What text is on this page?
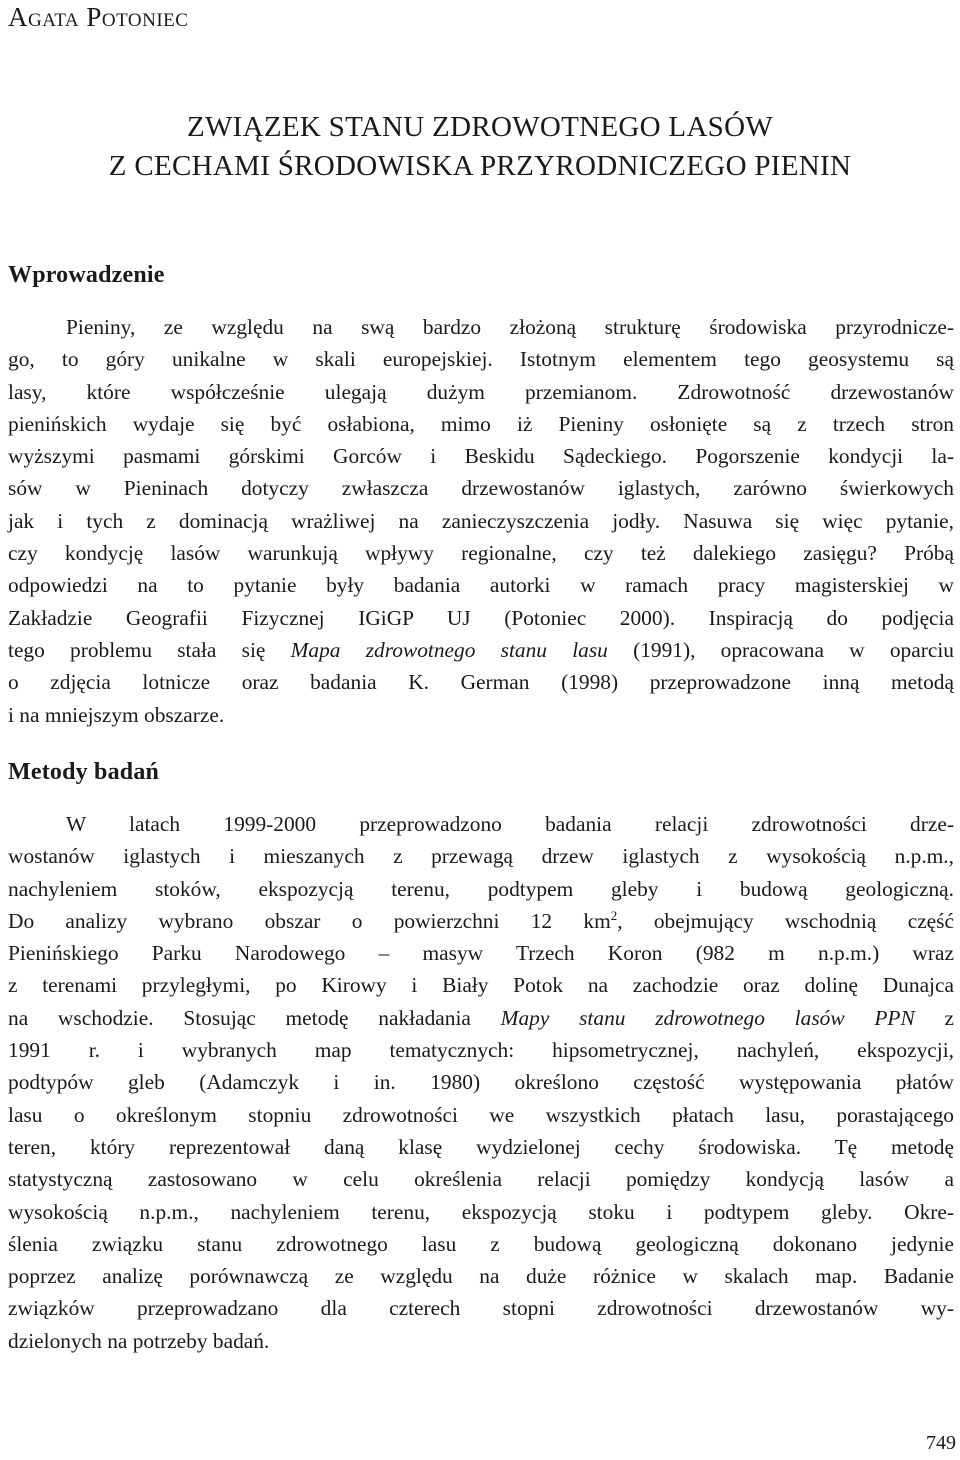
Agata Potoniec
ZWIĄZEK STANU ZDROWOTNEGO LASÓW
Z CECHAMI ŚRODOWISKA PRZYRODNICZEGO PIENIN
Wprowadzenie
Pieniny, ze względu na swą bardzo złożoną strukturę środowiska przyrodnicze-
go, to góry unikalne w skali europejskiej. Istotnym elementem tego geosystemu są
lasy, które współcześnie ulegają dużym przemianom. Zdrowotność drzewostanów
pienińskich wydaje się być osłabiona, mimo iż Pieniny osłonięte są z trzech stron
wyższymi pasmami górskimi Gorców i Beskidu Sądeckiego. Pogorszenie kondycji la-
sów w Pieninach dotyczy zwłaszcza drzewostanów iglastych, zarówno świerkowych
jak i tych z dominacją wrażliwej na zanieczyszczenia jodły. Nasuwa się więc pytanie,
czy kondycję lasów warunkują wpływy regionalne, czy też dalekiego zasięgu? Próbą
odpowiedzi na to pytanie były badania autorki w ramach pracy magisterskiej w
Zakładzie Geografii Fizycznej IGiGP UJ (Potoniec 2000). Inspiracją do podjęcia
tego problemu stała się Mapa zdrowotnego stanu lasu (1991), opracowana w oparciu
o zdjęcia lotnicze oraz badania K. German (1998) przeprowadzone inną metodą
i na mniejszym obszarze.
Metody badań
W latach 1999-2000 przeprowadzono badania relacji zdrowotności drze-
wostanów iglastych i mieszanych z przewagą drzew iglastych z wysokością n.p.m.,
nachyleniem stoków, ekspozycją terenu, podtypem gleby i budową geologiczną.
Do analizy wybrano obszar o powierzchni 12 $km^2$, obejmujący wschodnią część
Pienińskiego Parku Narodowego – masyw Trzech Koron (982 m n.p.m.) wraz
z terenami przyległymi, po Kirowy i Biały Potok na zachodzie oraz dolinę Dunajca
na wschodzie. Stosując metodę nakładania Mapy stanu zdrowotnego lasów PPN z
1991 r. i wybranych map tematycznych: hipsometrycznej, nachyleń, ekspozycji,
podtypów gleb (Adamczyk i in. 1980) określono częstość występowania płatów
lasu o określonym stopniu zdrowotności we wszystkich płatach lasu, porastającego
teren, który reprezentował daną klasę wydzielonej cechy środowiska. Tę metodę
statystyczną zastosowano w celu określenia relacji pomiędzy kondycją lasów a
wysokością n.p.m., nachyleniem terenu, ekspozycją stoku i podtypem gleby. Okre-
ślenia związku stanu zdrowotnego lasu z budową geologiczną dokonano jedynie
poprzez analizę porównawczą ze względu na duże różnice w skalach map. Badanie
związków przeprowadzano dla czterech stopni zdrowotności drzewostanów wy-
dzielonych na potrzeby badań.
749
